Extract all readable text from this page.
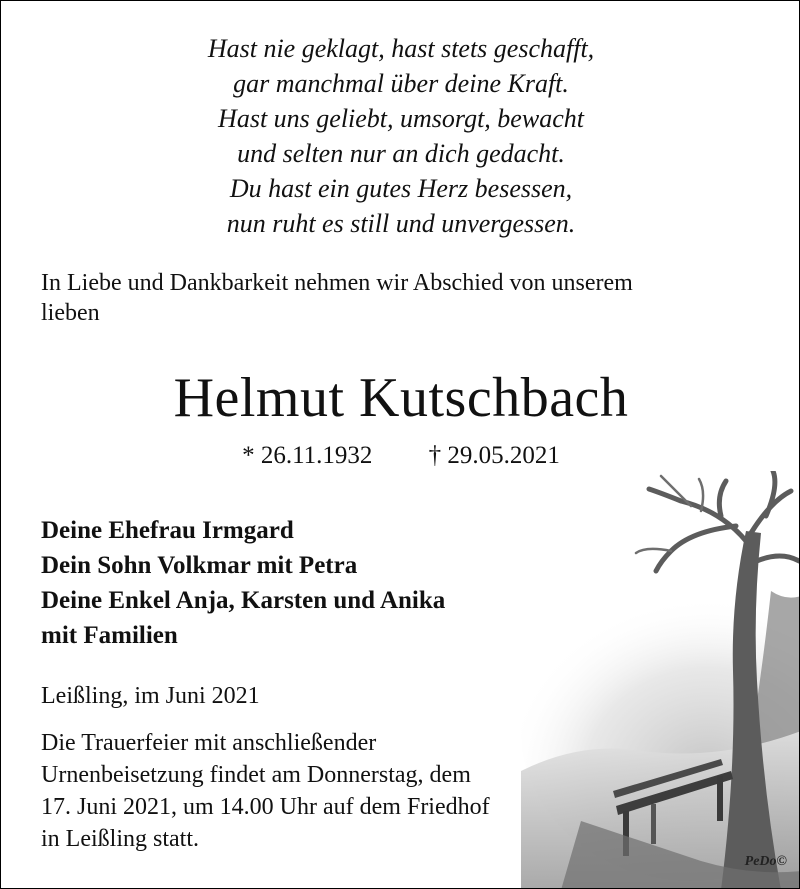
Hast nie geklagt, hast stets geschafft,
gar manchmal über deine Kraft.
Hast uns geliebt, umsorgt, bewacht
und selten nur an dich gedacht.
Du hast ein gutes Herz besessen,
nun ruht es still und unvergessen.
In Liebe und Dankbarkeit nehmen wir Abschied von unserem
lieben
Helmut Kutschbach
* 26.11.1932 † 29.05.2021
Deine Ehefrau Irmgard
Dein Sohn Volkmar mit Petra
Deine Enkel Anja, Karsten und Anika
mit Familien
Leißling, im Juni 2021
Die Trauerfeier mit anschließender
Urnenbeisetzung findet am Donnerstag, dem
17. Juni 2021, um 14.00 Uhr auf dem Friedhof
in Leißling statt.
PeDo©
